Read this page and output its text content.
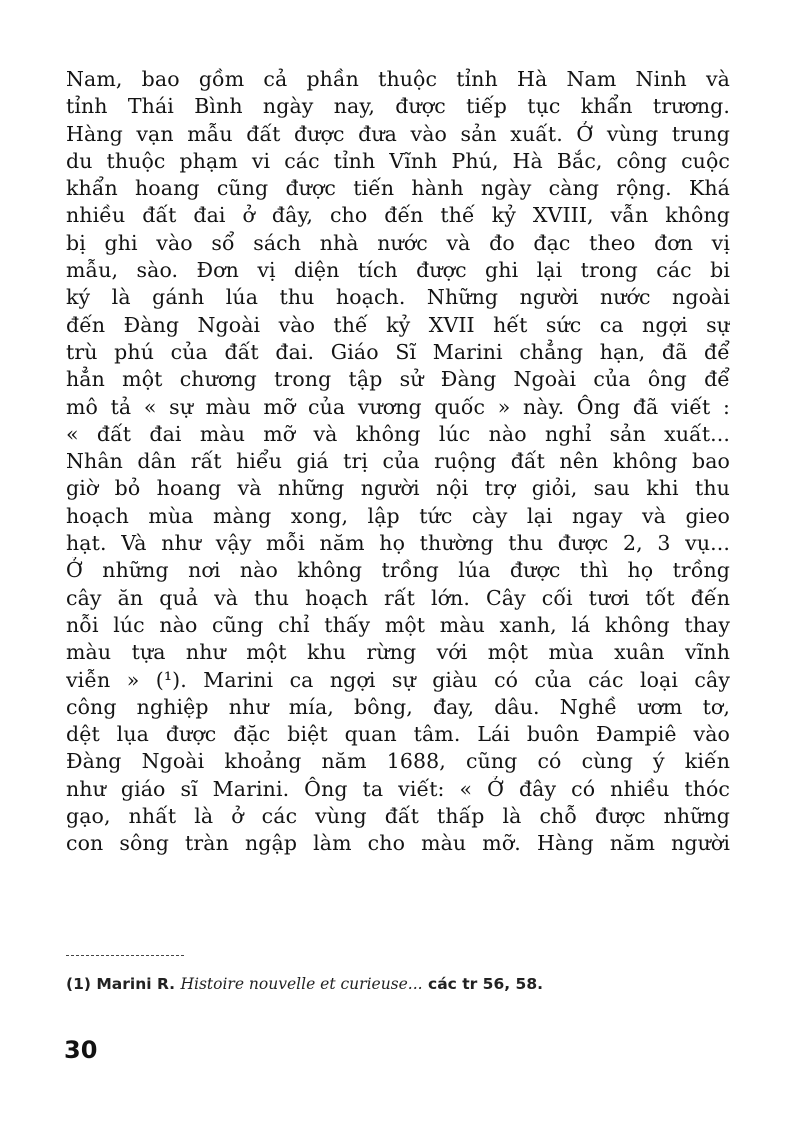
Nam, bao gồm cả phần thuộc tỉnh Hà Nam Ninh và
tỉnh Thái Bình ngày nay, được tiếp tục khẩn trương.
Hàng vạn mẫu đất được đưa vào sản xuất. Ở vùng trung
du thuộc phạm vi các tỉnh Vĩnh Phú, Hà Bắc, công cuộc
khẩn hoang cũng được tiến hành ngày càng rộng. Khá
nhiều đất đai ở đây, cho đến thế kỷ XVIII, vẫn không
bị ghi vào sổ sách nhà nước và đo đạc theo đơn vị
mẫu, sào. Đơn vị diện tích được ghi lại trong các bi
ký là gánh lúa thu hoạch. Những người nước ngoài
đến Đàng Ngoài vào thế kỷ XVII hết sức ca ngợi sự
trù phú của đất đai. Giáo Sĩ Marini chẳng hạn, đã để
hẳn một chương trong tập sử Đàng Ngoài của ông để
mô tả « sự màu mỡ của vương quốc » này. Ông đã viết :
« đất đai màu mỡ và không lúc nào nghỉ sản xuất...
Nhân dân rất hiểu giá trị của ruộng đất nên không bao
giờ bỏ hoang và những người nội trợ giỏi, sau khi thu
hoạch mùa màng xong, lập tức cày lại ngay và gieo
hạt. Và như vậy mỗi năm họ thường thu được 2, 3 vụ...
Ở những nơi nào không trồng lúa được thì họ trồng
cây ăn quả và thu hoạch rất lớn. Cây cối tươi tốt đến
nỗi lúc nào cũng chỉ thấy một màu xanh, lá không thay
màu tựa như một khu rừng với một mùa xuân vĩnh
viễn » (¹). Marini ca ngợi sự giàu có của các loại cây
công nghiệp như mía, bông, đay, dâu. Nghề ươm tơ,
dệt lụa được đặc biệt quan tâm. Lái buôn Đampiê vào
Đàng Ngoài khoảng năm 1688, cũng có cùng ý kiến
như giáo sĩ Marini. Ông ta viết: « Ở đây có nhiều thóc
gạo, nhất là ở các vùng đất thấp là chỗ được những
con sông tràn ngập làm cho màu mỡ. Hàng năm người
(1) Marini R. Histoire nouvelle et curieuse... các tr 56, 58.
30
